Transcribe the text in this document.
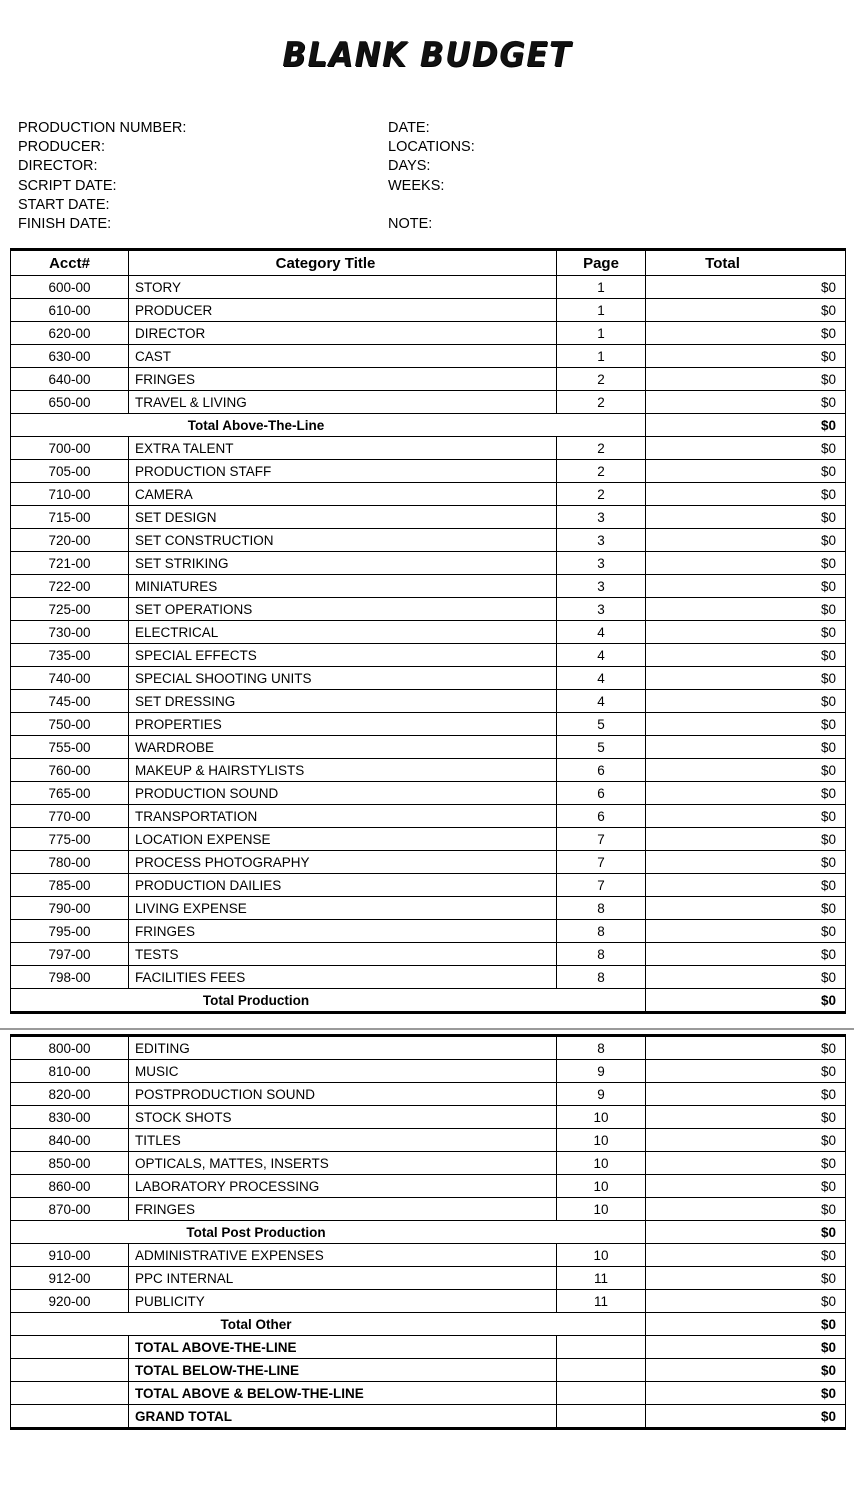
BLANK BUDGET
PRODUCTION NUMBER:
PRODUCER:
DIRECTOR:
SCRIPT DATE:
START DATE:
FINISH DATE:
DATE:
LOCATIONS:
DAYS:
WEEKS:
NOTE:
Acct#	Category Title	Page	Total
600-00	STORY	1	$0
610-00	PRODUCER	1	$0
620-00	DIRECTOR	1	$0
630-00	CAST	1	$0
640-00	FRINGES	2	$0
650-00	TRAVEL & LIVING	2	$0
Total Above-The-Line			$0
700-00	EXTRA TALENT	2	$0
705-00	PRODUCTION STAFF	2	$0
710-00	CAMERA	2	$0
715-00	SET DESIGN	3	$0
720-00	SET CONSTRUCTION	3	$0
721-00	SET STRIKING	3	$0
722-00	MINIATURES	3	$0
725-00	SET OPERATIONS	3	$0
730-00	ELECTRICAL	4	$0
735-00	SPECIAL EFFECTS	4	$0
740-00	SPECIAL SHOOTING UNITS	4	$0
745-00	SET DRESSING	4	$0
750-00	PROPERTIES	5	$0
755-00	WARDROBE	5	$0
760-00	MAKEUP & HAIRSTYLISTS	6	$0
765-00	PRODUCTION SOUND	6	$0
770-00	TRANSPORTATION	6	$0
775-00	LOCATION EXPENSE	7	$0
780-00	PROCESS PHOTOGRAPHY	7	$0
785-00	PRODUCTION DAILIES	7	$0
790-00	LIVING EXPENSE	8	$0
795-00	FRINGES	8	$0
797-00	TESTS	8	$0
798-00	FACILITIES FEES	8	$0
Total Production			$0
800-00	EDITING	8	$0
810-00	MUSIC	9	$0
820-00	POSTPRODUCTION SOUND	9	$0
830-00	STOCK SHOTS	10	$0
840-00	TITLES	10	$0
850-00	OPTICALS, MATTES, INSERTS	10	$0
860-00	LABORATORY PROCESSING	10	$0
870-00	FRINGES	10	$0
Total Post Production			$0
910-00	ADMINISTRATIVE EXPENSES	10	$0
912-00	PPC INTERNAL	11	$0
920-00	PUBLICITY	11	$0
Total Other			$0
	TOTAL ABOVE-THE-LINE		$0
	TOTAL BELOW-THE-LINE		$0
	TOTAL ABOVE & BELOW-THE-LINE		$0
	GRAND TOTAL		$0
